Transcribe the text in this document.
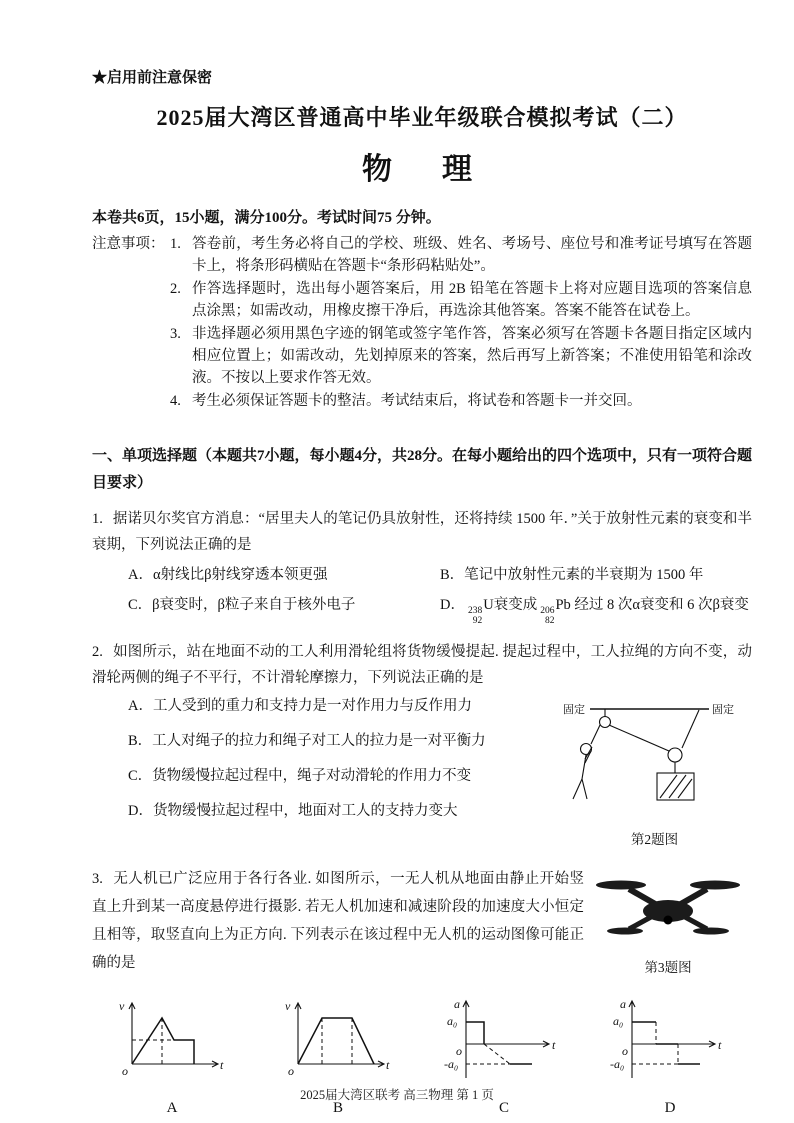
★启用前注意保密
2025届大湾区普通高中毕业年级联合模拟考试（二）
物　理
本卷共6页，15小题，满分100分。考试时间75 分钟。
注意事项： 1. 答卷前，考生务必将自己的学校、班级、姓名、考场号、座位号和准考证号填写在答题卡上，将条形码横贴在答题卡“条形码粘贴处”。
2. 作答选择题时，选出每小题答案后，用 2B 铅笔在答题卡上将对应题目选项的答案信息点涂黑；如需改动，用橡皮擦干净后，再选涂其他答案。答案不能答在试卷上。
3. 非选择题必须用黑色字迹的钢笔或签字笔作答，答案必须写在答题卡各题目指定区域内相应位置上；如需改动，先划掉原来的答案，然后再写上新答案；不准使用铅笔和涂改液。不按以上要求作答无效。
4. 考生必须保证答题卡的整洁。考试结束后，将试卷和答题卡一并交回。
一、单项选择题（本题共7小题，每小题4分，共28分。在每小题给出的四个选项中，只有一项符合题目要求）
1. 据诺贝尔奖官方消息：“居里夫人的笔记仍具放射性，还将持续 1500 年．”关于放射性元素的衰变和半衰期，下列说法正确的是
A．α射线比β射线穿透本领更强	B．笔记中放射性元素的半衰期为 1500 年
C．β衰变时，β粒子来自于核外电子	D． 238
92
U衰变成 206
82
Pb 经过 8 次α衰变和 6 次β衰变
2. 如图所示，站在地面不动的工人利用滑轮组将货物缓慢提起. 提起过程中，工人拉绳的方向不变，动滑轮两侧的绳子不平行，不计滑轮摩擦力，下列说法正确的是
A．工人受到的重力和支持力是一对作用力与反作用力
B．工人对绳子的拉力和绳子对工人的拉力是一对平衡力
C．货物缓慢拉起过程中，绳子对动滑轮的作用力不变
D．货物缓慢拉起过程中，地面对工人的支持力变大
固定	固定
第2题图
3. 无人机已广泛应用于各行各业. 如图所示，一无人机从地面由静止开始竖直上升到某一高度悬停进行摄影. 若无人机加速和减速阶段的加速度大小恒定且相等，取竖直向上为正方向. 下列表示在该过程中无人机的运动图像可能正确的是	第3题图
v
t
o
A
v
t
o
B
a
a₀
o
-a₀
t
C
a
a₀
o
-a₀
t
D
2025届大湾区联考 高三物理 第 1 页
